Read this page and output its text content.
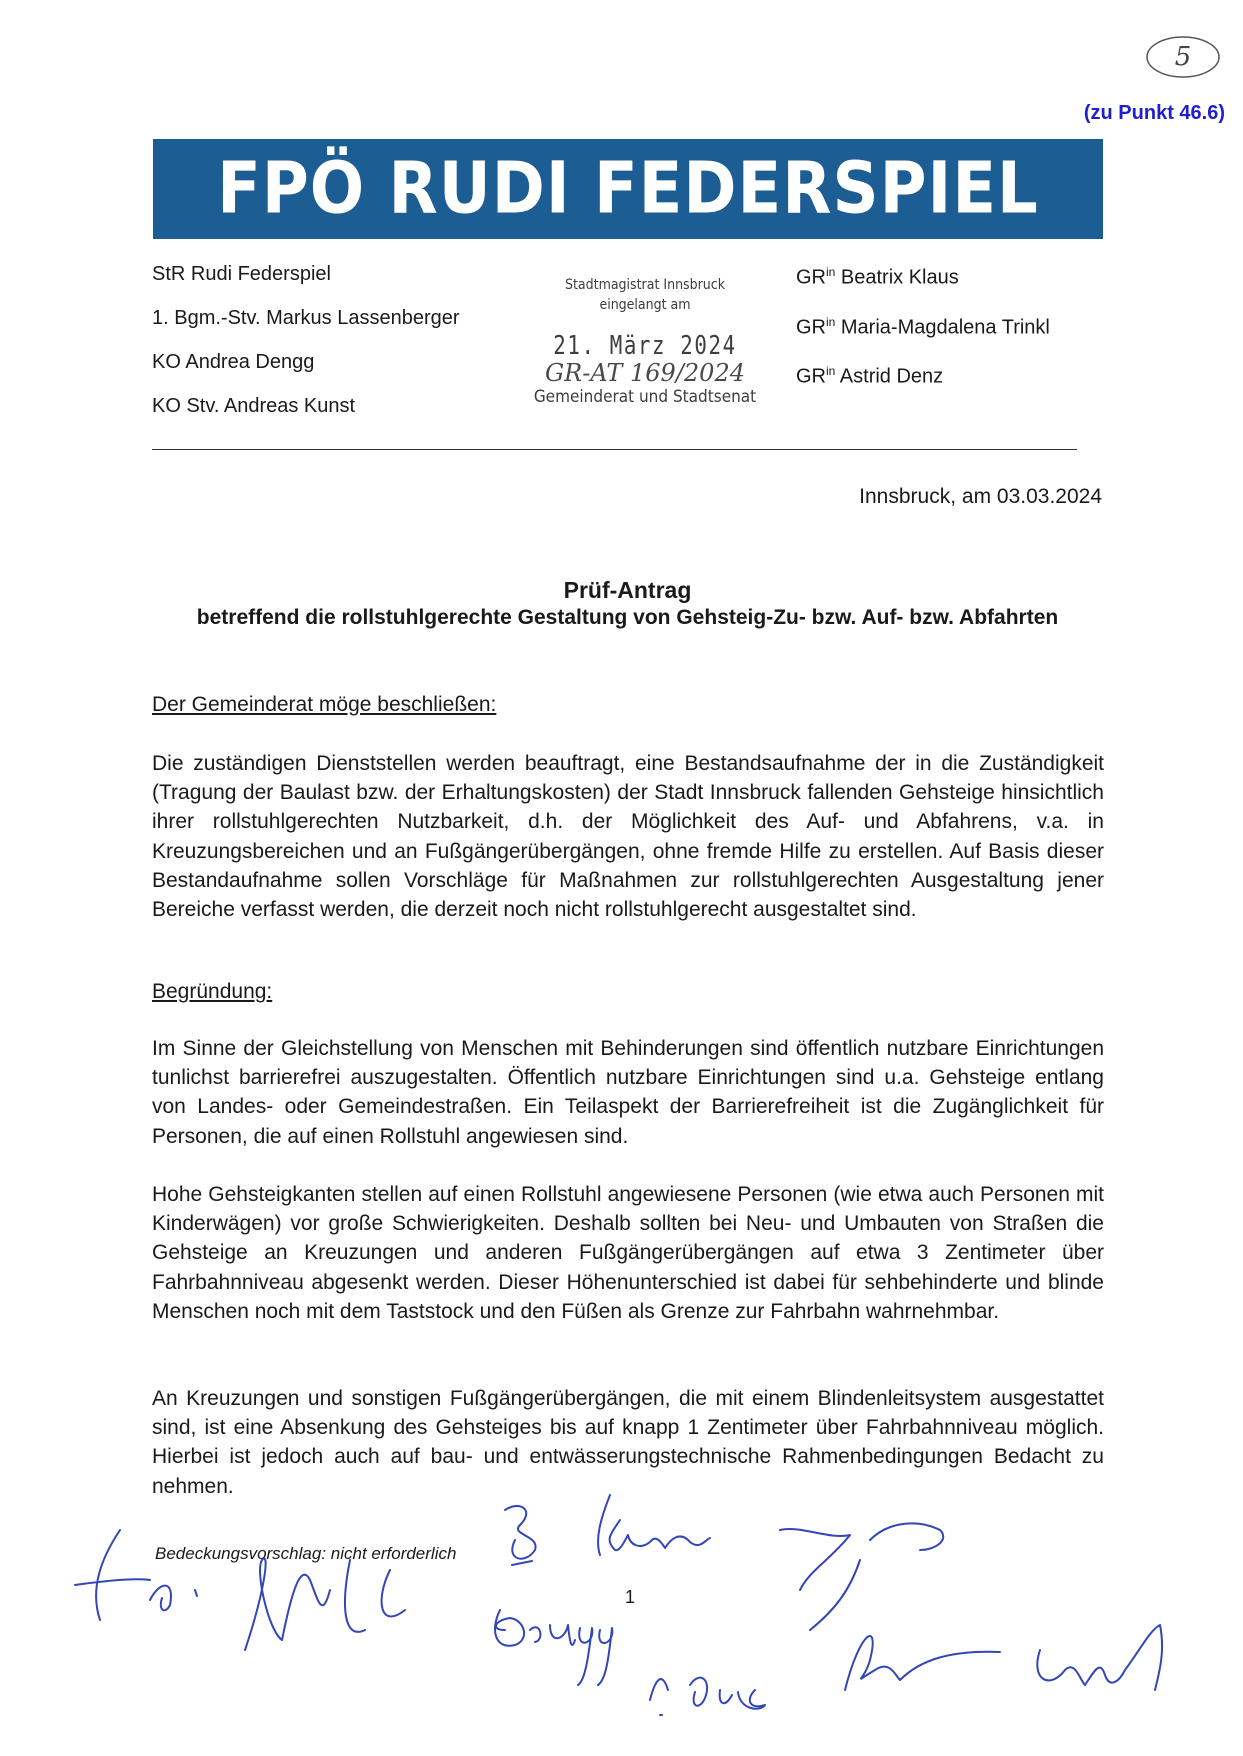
5
(zu Punkt 46.6)
FPÖ RUDI FEDERSPIEL
StR Rudi Federspiel
1. Bgm.-Stv. Markus Lassenberger
KO Andrea Dengg
KO Stv. Andreas Kunst
Stadtmagistrat Innsbruck
eingelangt am
21. März 2024
GR-AT 169/2024
Gemeinderat und Stadtsenat
$GR^{in}$ Beatrix Klaus
$GR^{in}$ Maria-Magdalena Trinkl
$GR^{in}$ Astrid Denz
Innsbruck, am 03.03.2024
Prüf-Antrag
betreffend die rollstuhlgerechte Gestaltung von Gehsteig-Zu- bzw. Auf- bzw. Abfahrten
Der Gemeinderat möge beschließen:
Die zuständigen Dienststellen werden beauftragt, eine Bestandsaufnahme der in die Zuständigkeit (Tragung der Baulast bzw. der Erhaltungskosten) der Stadt Innsbruck fallenden Gehsteige hinsichtlich ihrer rollstuhlgerechten Nutzbarkeit, d.h. der Möglichkeit des Auf- und Abfahrens, v.a. in Kreuzungsbereichen und an Fußgängerübergängen, ohne fremde Hilfe zu erstellen. Auf Basis dieser Bestandaufnahme sollen Vorschläge für Maßnahmen zur rollstuhlgerechten Ausgestaltung jener Bereiche verfasst werden, die derzeit noch nicht rollstuhlgerecht ausgestaltet sind.
Begründung:
Im Sinne der Gleichstellung von Menschen mit Behinderungen sind öffentlich nutzbare Einrichtungen tunlichst barrierefrei auszugestalten. Öffentlich nutzbare Einrichtungen sind u.a. Gehsteige entlang von Landes- oder Gemeindestraßen. Ein Teilaspekt der Barrierefreiheit ist die Zugänglichkeit für Personen, die auf einen Rollstuhl angewiesen sind.
Hohe Gehsteigkanten stellen auf einen Rollstuhl angewiesene Personen (wie etwa auch Personen mit Kinderwägen) vor große Schwierigkeiten. Deshalb sollten bei Neu- und Umbauten von Straßen die Gehsteige an Kreuzungen und anderen Fußgängerübergängen auf etwa 3 Zentimeter über Fahrbahnniveau abgesenkt werden. Dieser Höhenunterschied ist dabei für sehbehinderte und blinde Menschen noch mit dem Taststock und den Füßen als Grenze zur Fahrbahn wahrnehmbar.
An Kreuzungen und sonstigen Fußgängerübergängen, die mit einem Blindenleitsystem ausgestattet sind, ist eine Absenkung des Gehsteiges bis auf knapp 1 Zentimeter über Fahrbahnniveau möglich. Hierbei ist jedoch auch auf bau- und entwässerungstechnische Rahmenbedingungen Bedacht zu nehmen.
Bedeckungsvorschlag: nicht erforderlich
1
